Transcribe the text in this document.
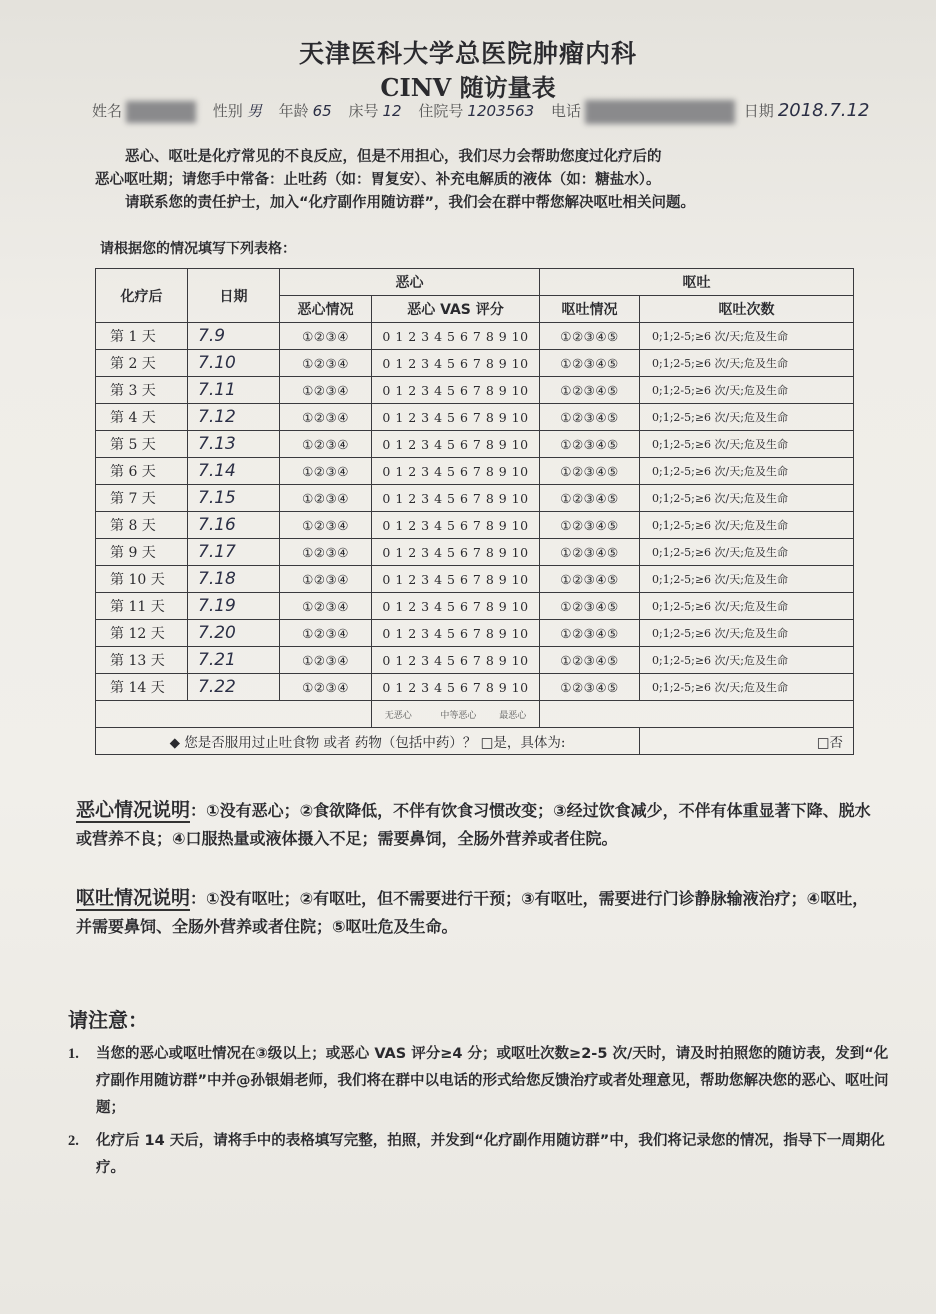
天津医科大学总医院肿瘤内科
CINV 随访量表
姓名	性别 男 年龄 65 床号 12 住院号 1203563 电话	日期 2018.7.12

恶心、呕吐是化疗常见的不良反应，但是不用担心，我们尽力会帮助您度过化疗后的

恶心呕吐期；请您手中常备：止吐药（如：胃复安）、补充电解质的液体（如：糖盐水）。

请联系您的责任护士，加入“化疗副作用随访群”，我们会在群中帮您解决呕吐相关问题。

请根据您的情况填写下列表格：
化疗后	日期	恶心		呕吐	
		恶心情况	恶心 VAS 评分	呕吐情况	呕吐次数
第 1 天	7.9	①②③④	0 1 2 3 4 5 6 7 8 9 10	①②③④⑤	0;1;2-5;≥6 次/天;危及生命
第 2 天	7.10	①②③④	0 1 2 3 4 5 6 7 8 9 10	①②③④⑤	0;1;2-5;≥6 次/天;危及生命
第 3 天	7.11	①②③④	0 1 2 3 4 5 6 7 8 9 10	①②③④⑤	0;1;2-5;≥6 次/天;危及生命
第 4 天	7.12	①②③④	0 1 2 3 4 5 6 7 8 9 10	①②③④⑤	0;1;2-5;≥6 次/天;危及生命
第 5 天	7.13	①②③④	0 1 2 3 4 5 6 7 8 9 10	①②③④⑤	0;1;2-5;≥6 次/天;危及生命
第 6 天	7.14	①②③④	0 1 2 3 4 5 6 7 8 9 10	①②③④⑤	0;1;2-5;≥6 次/天;危及生命
第 7 天	7.15	①②③④	0 1 2 3 4 5 6 7 8 9 10	①②③④⑤	0;1;2-5;≥6 次/天;危及生命
第 8 天	7.16	①②③④	0 1 2 3 4 5 6 7 8 9 10	①②③④⑤	0;1;2-5;≥6 次/天;危及生命
第 9 天	7.17	①②③④	0 1 2 3 4 5 6 7 8 9 10	①②③④⑤	0;1;2-5;≥6 次/天;危及生命
第 10 天	7.18	①②③④	0 1 2 3 4 5 6 7 8 9 10	①②③④⑤	0;1;2-5;≥6 次/天;危及生命
第 11 天	7.19	①②③④	0 1 2 3 4 5 6 7 8 9 10	①②③④⑤	0;1;2-5;≥6 次/天;危及生命
第 12 天	7.20	①②③④	0 1 2 3 4 5 6 7 8 9 10	①②③④⑤	0;1;2-5;≥6 次/天;危及生命
第 13 天	7.21	①②③④	0 1 2 3 4 5 6 7 8 9 10	①②③④⑤	0;1;2-5;≥6 次/天;危及生命
第 14 天	7.22	①②③④	0 1 2 3 4 5 6 7 8 9 10	①②③④⑤	0;1;2-5;≥6 次/天;危及生命
			无恶心          中等恶心        最恶心		
◆ 您是否服用过止吐食物 或者 药物（包括中药）？ □是，具体为:					□否
恶心情况说明：①没有恶心；②食欲降低，不伴有饮食习惯改变；③经过饮食减少，不伴有体重显著下降、脱水或营养不良；④口服热量或液体摄入不足；需要鼻饲，全肠外营养或者住院。
呕吐情况说明：①没有呕吐；②有呕吐，但不需要进行干预；③有呕吐，需要进行门诊静脉输液治疗；④呕吐，并需要鼻饲、全肠外营养或者住院；⑤呕吐危及生命。
请注意：
1. 当您的恶心或呕吐情况在③级以上；或恶心 VAS 评分≥4 分；或呕吐次数≥2-5 次/天时，请及时拍照您的随访表，发到“化疗副作用随访群”中并@孙银娟老师，我们将在群中以电话的形式给您反馈治疗或者处理意见，帮助您解决您的恶心、呕吐问题；
2. 化疗后 14 天后，请将手中的表格填写完整，拍照，并发到“化疗副作用随访群”中，我们将记录您的情况，指导下一周期化疗。
